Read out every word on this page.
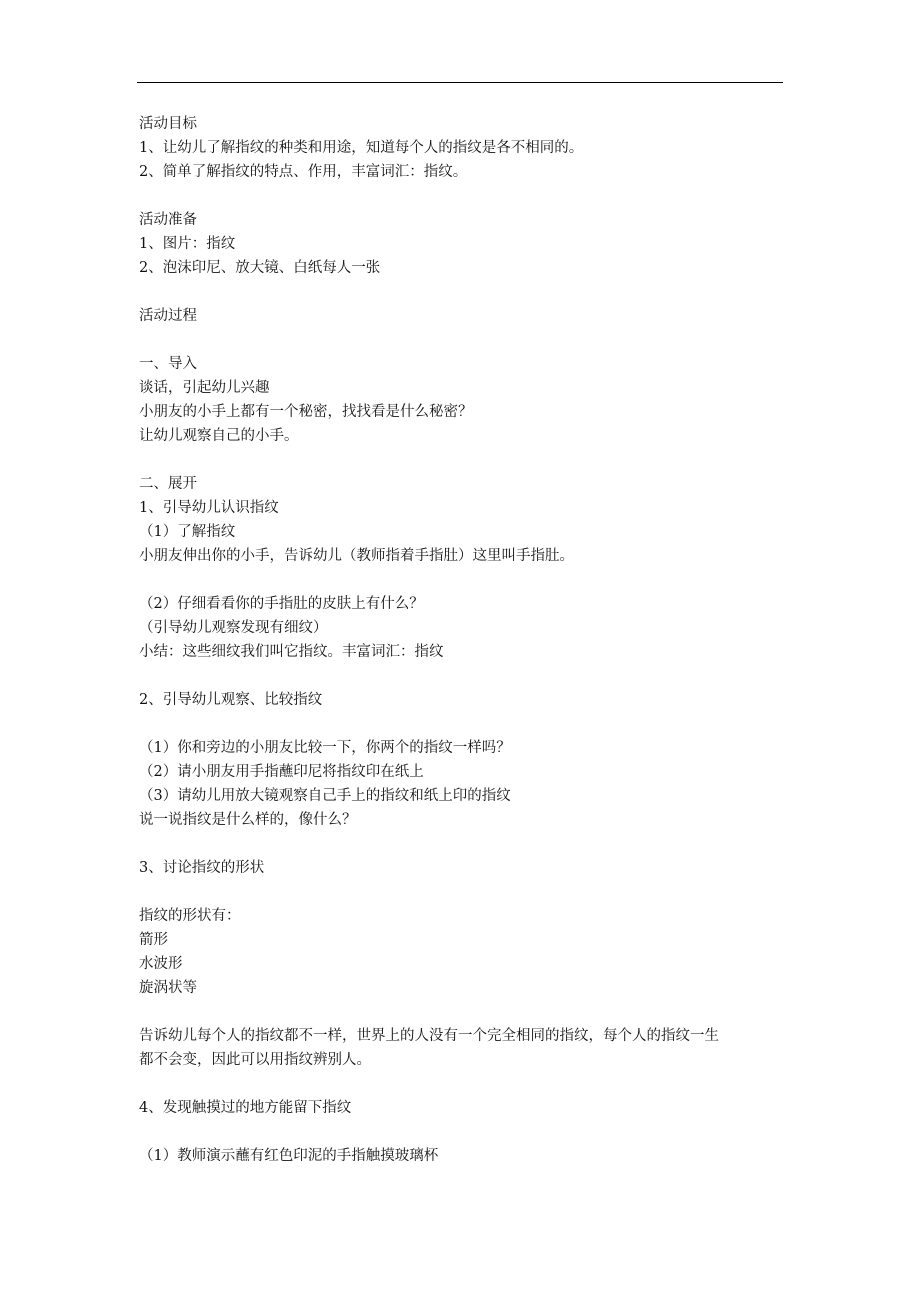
活动目标
1、让幼儿了解指纹的种类和用途，知道每个人的指纹是各不相同的。
2、简单了解指纹的特点、作用，丰富词汇：指纹。
活动准备
1、图片：指纹
2、泡沫印尼、放大镜、白纸每人一张
活动过程
一、导入
谈话，引起幼儿兴趣
小朋友的小手上都有一个秘密，找找看是什么秘密？
让幼儿观察自己的小手。
二、展开
1、引导幼儿认识指纹
（1）了解指纹
小朋友伸出你的小手，告诉幼儿（教师指着手指肚）这里叫手指肚。
（2）仔细看看你的手指肚的皮肤上有什么？
（引导幼儿观察发现有细纹）
小结：这些细纹我们叫它指纹。丰富词汇：指纹
2、引导幼儿观察、比较指纹
（1）你和旁边的小朋友比较一下，你两个的指纹一样吗？
（2）请小朋友用手指蘸印尼将指纹印在纸上
（3）请幼儿用放大镜观察自己手上的指纹和纸上印的指纹
说一说指纹是什么样的，像什么？
3、讨论指纹的形状
指纹的形状有：
箭形
水波形
旋涡状等
告诉幼儿每个人的指纹都不一样，世界上的人没有一个完全相同的指纹，每个人的指纹一生
都不会变，因此可以用指纹辨别人。
4、发现触摸过的地方能留下指纹
（1）教师演示蘸有红色印泥的手指触摸玻璃杯
